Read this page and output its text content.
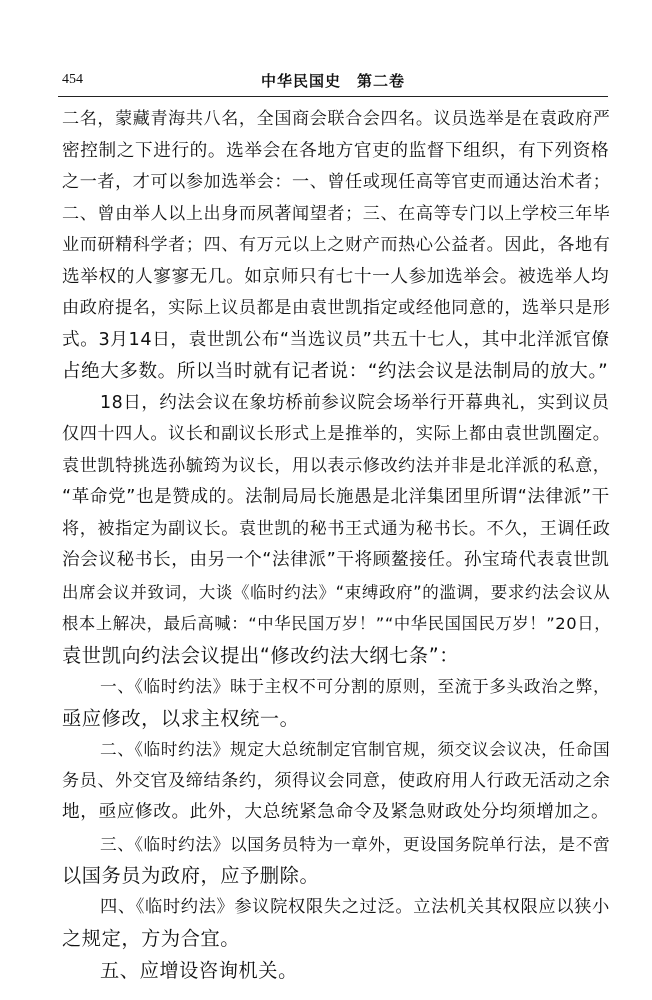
454	中华民国史　第二卷
二名，蒙藏青海共八名，全国商会联合会四名。议员选举是在袁政府严
密控制之下进行的。选举会在各地方官吏的监督下组织，有下列资格
之一者，才可以参加选举会：一、曾任或现任高等官吏而通达治术者；
二、曾由举人以上出身而夙著闻望者；三、在高等专门以上学校三年毕
业而研精科学者；四、有万元以上之财产而热心公益者。因此，各地有
选举权的人寥寥无几。如京师只有七十一人参加选举会。被选举人均
由政府提名，实际上议员都是由袁世凯指定或经他同意的，选举只是形
式。3月14日，袁世凯公布“当选议员”共五十七人，其中北洋派官僚
占绝大多数。所以当时就有记者说：“约法会议是法制局的放大。”
18日，约法会议在象坊桥前参议院会场举行开幕典礼，实到议员
仅四十四人。议长和副议长形式上是推举的，实际上都由袁世凯圈定。
袁世凯特挑选孙毓筠为议长，用以表示修改约法并非是北洋派的私意，
“革命党”也是赞成的。法制局局长施愚是北洋集团里所谓“法律派”干
将，被指定为副议长。袁世凯的秘书王式通为秘书长。不久，王调任政
治会议秘书长，由另一个“法律派”干将顾鳌接任。孙宝琦代表袁世凯
出席会议并致词，大谈《临时约法》“束缚政府”的滥调，要求约法会议从
根本上解决，最后高喊：“中华民国万岁！”“中华民国国民万岁！”20日，
袁世凯向约法会议提出“修改约法大纲七条”：
一、《临时约法》昧于主权不可分割的原则，至流于多头政治之弊，
亟应修改，以求主权统一。
二、《临时约法》规定大总统制定官制官规，须交议会议决，任命国
务员、外交官及缔结条约，须得议会同意，使政府用人行政无活动之余
地，亟应修改。此外，大总统紧急命令及紧急财政处分均须增加之。
三、《临时约法》以国务员特为一章外，更设国务院单行法，是不啻
以国务员为政府，应予删除。
四、《临时约法》参议院权限失之过泛。立法机关其权限应以狭小
之规定，方为合宜。
五、应增设咨询机关。
